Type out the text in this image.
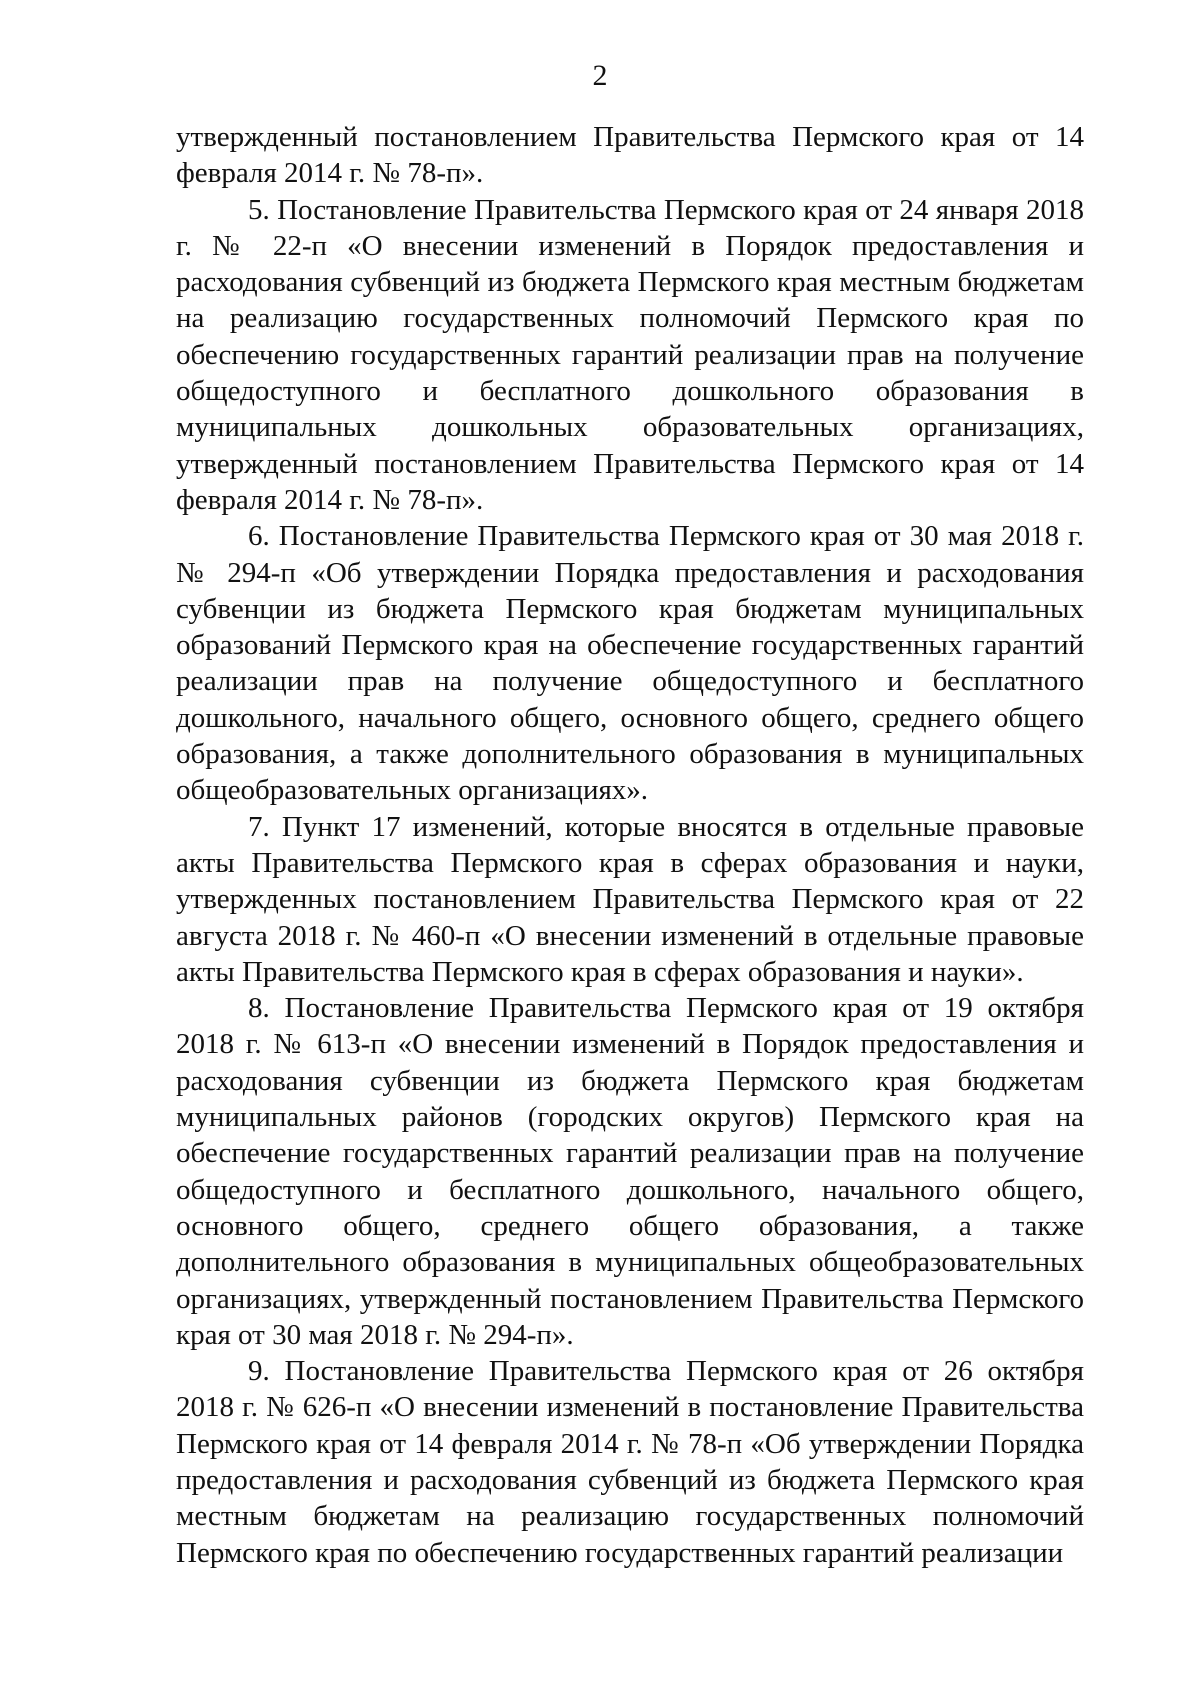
2

утвержденный постановлением Правительства Пермского края от 14 февраля 2014 г. № 78-п».

5. Постановление Правительства Пермского края от 24 января 2018 г. № 22-п «О внесении изменений в Порядок предоставления и расходования субвенций из бюджета Пермского края местным бюджетам на реализацию государственных полномочий Пермского края по обеспечению государственных гарантий реализации прав на получение общедоступного и бесплатного дошкольного образования в муниципальных дошкольных образовательных организациях, утвержденный постановлением Правительства Пермского края от 14 февраля 2014 г. № 78-п».

6. Постановление Правительства Пермского края от 30 мая 2018 г. № 294-п «Об утверждении Порядка предоставления и расходования субвенции из бюджета Пермского края бюджетам муниципальных образований Пермского края на обеспечение государственных гарантий реализации прав на получение общедоступного и бесплатного дошкольного, начального общего, основного общего, среднего общего образования, а также дополнительного образования в муниципальных общеобразовательных организациях».

7. Пункт 17 изменений, которые вносятся в отдельные правовые акты Правительства Пермского края в сферах образования и науки, утвержденных постановлением Правительства Пермского края от 22 августа 2018 г. № 460-п «О внесении изменений в отдельные правовые акты Правительства Пермского края в сферах образования и науки».

8. Постановление Правительства Пермского края от 19 октября 2018 г. № 613-п «О внесении изменений в Порядок предоставления и расходования субвенции из бюджета Пермского края бюджетам муниципальных районов (городских округов) Пермского края на обеспечение государственных гарантий реализации прав на получение общедоступного и бесплатного дошкольного, начального общего, основного общего, среднего общего образования, а также дополнительного образования в муниципальных общеобразовательных организациях, утвержденный постановлением Правительства Пермского края от 30 мая 2018 г. № 294-п».

9. Постановление Правительства Пермского края от 26 октября 2018 г. № 626-п «О внесении изменений в постановление Правительства Пермского края от 14 февраля 2014 г. № 78-п «Об утверждении Порядка предоставления и расходования субвенций из бюджета Пермского края местным бюджетам на реализацию государственных полномочий Пермского края по обеспечению государственных гарантий реализации
